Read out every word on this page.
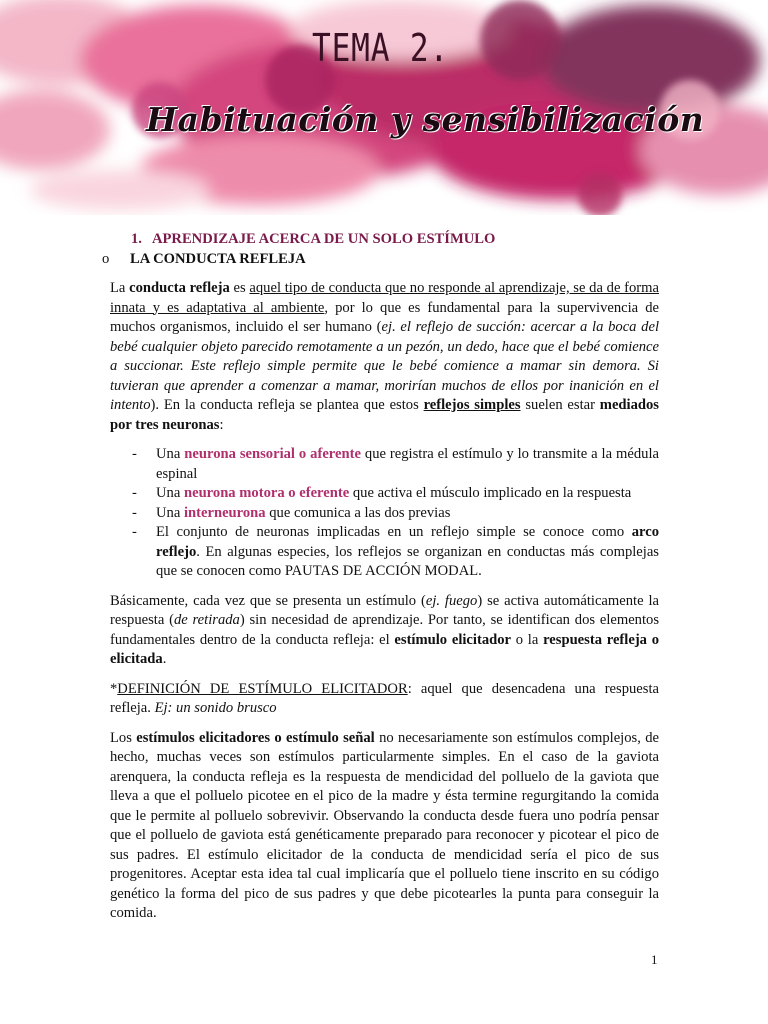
TEMA 2.
Habituación y sensibilización
1. APRENDIZAJE ACERCA DE UN SOLO ESTÍMULO
o	LA CONDUCTA REFLEJA

La conducta refleja es aquel tipo de conducta que no responde al aprendizaje, se da de forma innata y es adaptativa al ambiente, por lo que es fundamental para la supervivencia de muchos organismos, incluido el ser humano (ej. el reflejo de succión: acercar a la boca del bebé cualquier objeto parecido remotamente a un pezón, un dedo, hace que el bebé comience a succionar. Este reflejo simple permite que le bebé comience a mamar sin demora. Si tuvieran que aprender a comenzar a mamar, morirían muchos de ellos por inanición en el intento). En la conducta refleja se plantea que estos reflejos simples suelen estar mediados por tres neuronas:

- Una neurona sensorial o aferente que registra el estímulo y lo transmite a la médula espinal
- Una neurona motora o eferente que activa el músculo implicado en la respuesta
- Una interneurona que comunica a las dos previas
- El conjunto de neuronas implicadas en un reflejo simple se conoce como arco reflejo. En algunas especies, los reflejos se organizan en conductas más complejas que se conocen como PAUTAS DE ACCIÓN MODAL.

Básicamente, cada vez que se presenta un estímulo (ej. fuego) se activa automáticamente la respuesta (de retirada) sin necesidad de aprendizaje. Por tanto, se identifican dos elementos fundamentales dentro de la conducta refleja: el estímulo elicitador o la respuesta refleja o elicitada.

*DEFINICIÓN DE ESTÍMULO ELICITADOR: aquel que desencadena una respuesta refleja. Ej: un sonido brusco

Los estímulos elicitadores o estímulo señal no necesariamente son estímulos complejos, de hecho, muchas veces son estímulos particularmente simples. En el caso de la gaviota arenquera, la conducta refleja es la respuesta de mendicidad del polluelo de la gaviota que lleva a que el polluelo picotee en el pico de la madre y ésta termine regurgitando la comida que le permite al polluelo sobrevivir. Observando la conducta desde fuera uno podría pensar que el polluelo de gaviota está genéticamente preparado para reconocer y picotear el pico de sus padres. El estímulo elicitador de la conducta de mendicidad sería el pico de sus progenitores. Aceptar esta idea tal cual implicaría que el polluelo tiene inscrito en su código genético la forma del pico de sus padres y que debe picotearles la punta para conseguir la comida.

1
